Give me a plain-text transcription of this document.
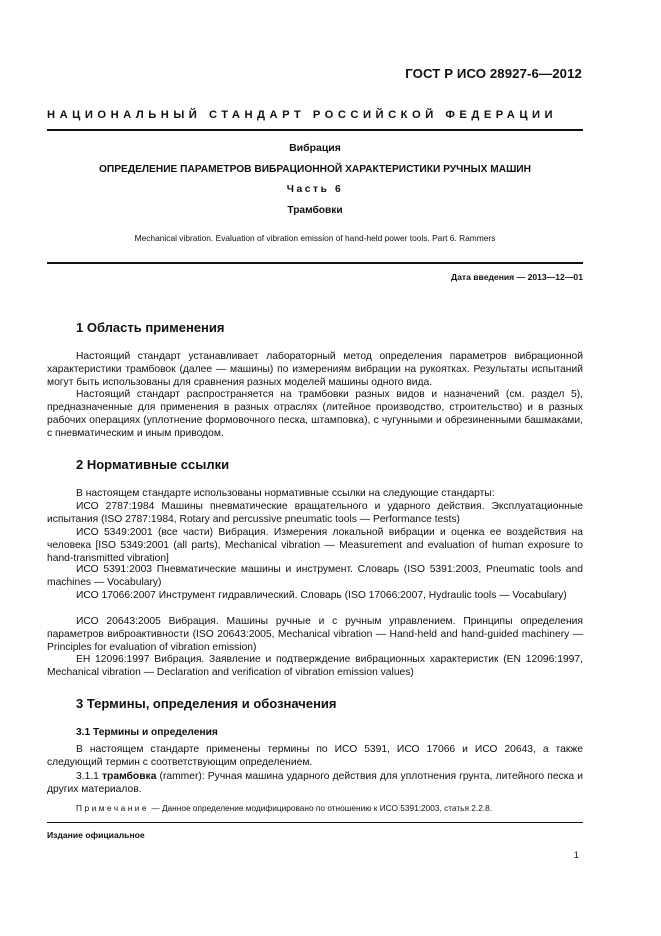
ГОСТ Р ИСО 28927-6—2012
НАЦИОНАЛЬНЫЙ СТАНДАРТ РОССИЙСКОЙ ФЕДЕРАЦИИ
Вибрация
ОПРЕДЕЛЕНИЕ ПАРАМЕТРОВ ВИБРАЦИОННОЙ ХАРАКТЕРИСТИКИ РУЧНЫХ МАШИН
Часть 6
Трамбовки
Mechanical vibration. Evaluation of vibration emission of hand-held power tools. Part 6. Rammers
Дата введения — 2013—12—01
1 Область применения
Настоящий стандарт устанавливает лабораторный метод определения параметров вибрационной характеристики трамбовок (далее — машины) по измерениям вибрации на рукоятках. Результаты испытаний могут быть использованы для сравнения разных моделей машины одного вида.
Настоящий стандарт распространяется на трамбовки разных видов и назначений (см. раздел 5), предназначенные для применения в разных отраслях (литейное производство, строительство) и в разных рабочих операциях (уплотнение формовочного песка, штамповка), с чугунными и обрезиненными башмаками, с пневматическим и иным приводом.
2 Нормативные ссылки
В настоящем стандарте использованы нормативные ссылки на следующие стандарты:
ИСО 2787:1984 Машины пневматические вращательного и ударного действия. Эксплуатационные испытания (ISO 2787:1984, Rotary and percussive pneumatic tools — Performance tests)
ИСО 5349:2001 (все части) Вибрация. Измерения локальной вибрации и оценка ее воздействия на человека [ISO 5349:2001 (all parts), Mechanical vibration — Measurement and evaluation of human exposure to hand-transmitted vibration]
ИСО 5391:2003 Пневматические машины и инструмент. Словарь (ISO 5391:2003, Pneumatic tools and machines — Vocabulary)
ИСО 17066:2007 Инструмент гидравлический. Словарь (ISO 17066:2007, Hydraulic tools — Vocabulary)
ИСО 20643:2005 Вибрация. Машины ручные и с ручным управлением. Принципы определения параметров виброактивности (ISO 20643:2005, Mechanical vibration — Hand-held and hand-guided machinery — Principles for evaluation of vibration emission)
ЕН 12096:1997 Вибрация. Заявление и подтверждение вибрационных характеристик (EN 12096:1997, Mechanical vibration — Declaration and verification of vibration emission values)
3 Термины, определения и обозначения
3.1 Термины и определения
В настоящем стандарте применены термины по ИСО 5391, ИСО 17066 и ИСО 20643, а также следующий термин с соответствующим определением.
3.1.1 трамбовка (rammer): Ручная машина ударного действия для уплотнения грунта, литейного песка и других материалов.
Примечание — Данное определение модифицировано по отношению к ИСО 5391:2003, статья 2.2.8.
Издание официальное
1
